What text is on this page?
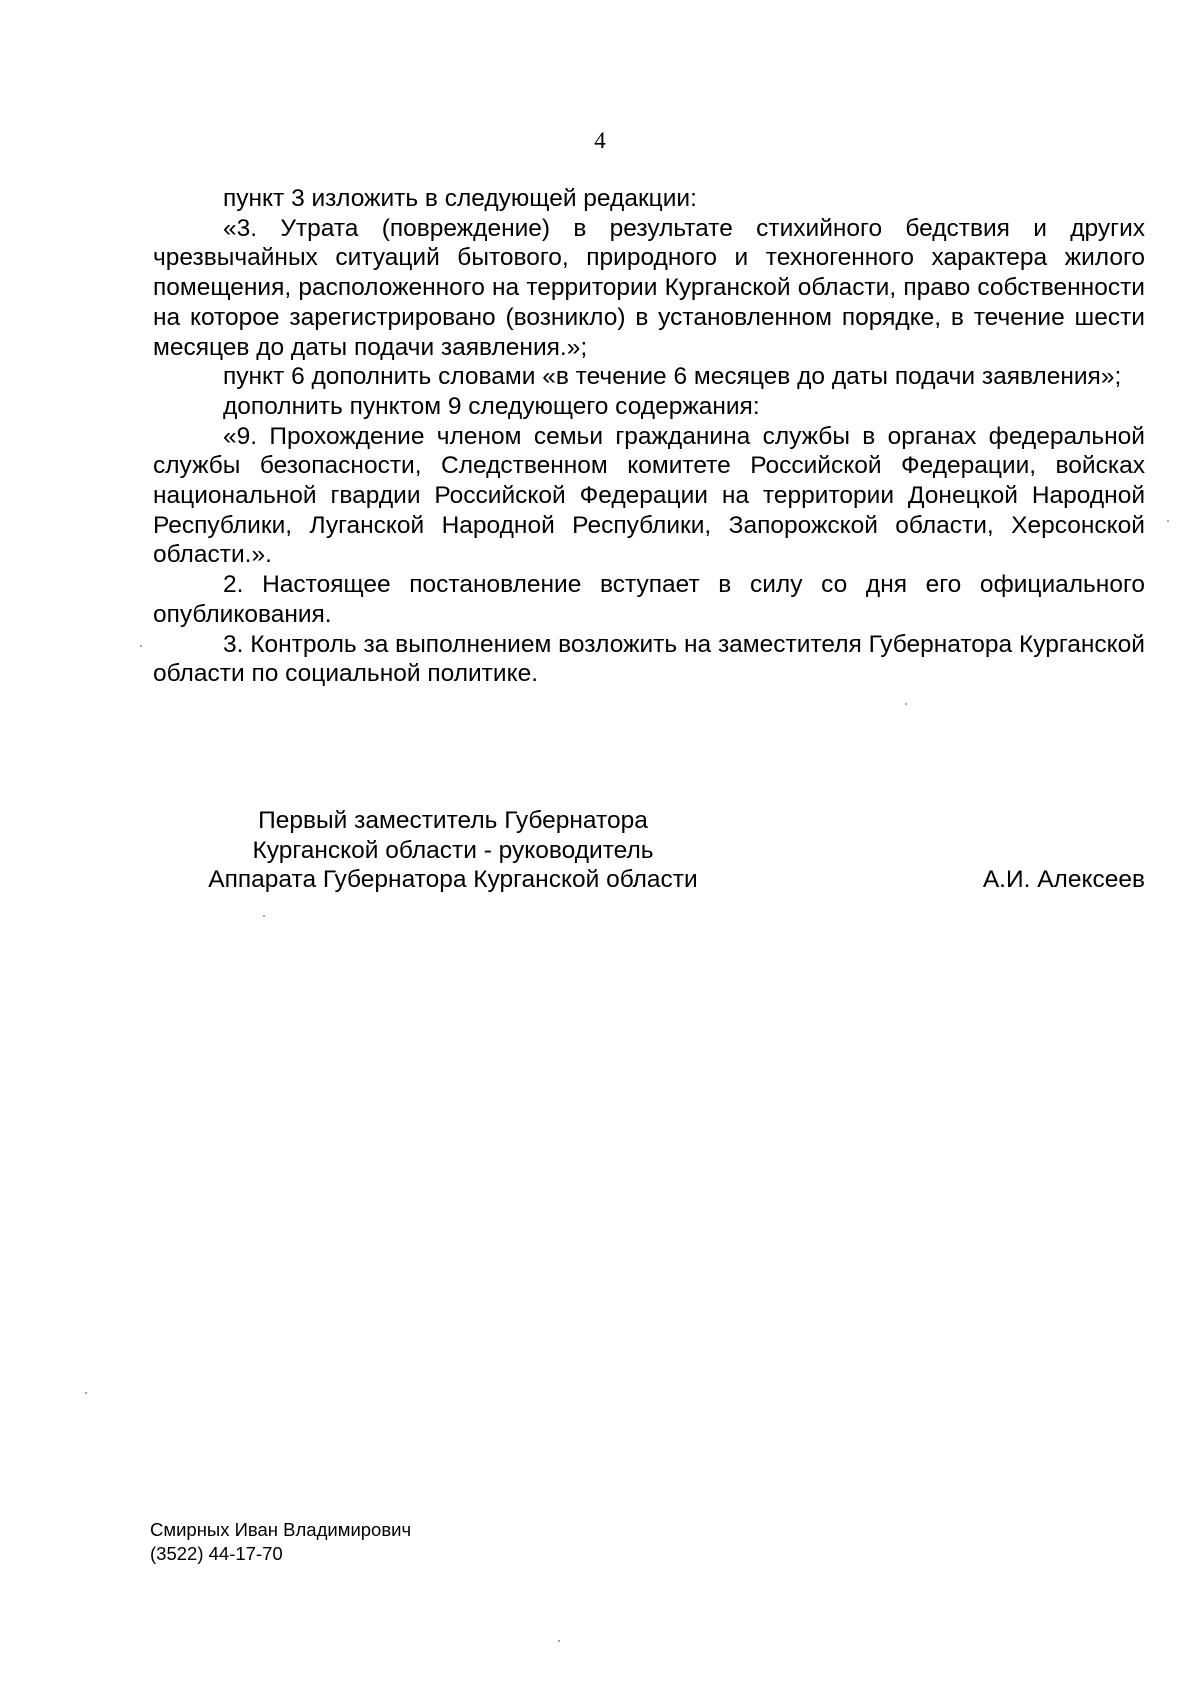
4

пункт 3 изложить в следующей редакции:

«3. Утрата (повреждение) в результате стихийного бедствия и других чрезвычайных ситуаций бытового, природного и техногенного характера жилого помещения, расположенного на территории Курганской области, право собственности на которое зарегистрировано (возникло) в установленном порядке, в течение шести месяцев до даты подачи заявления.»;

пункт 6 дополнить словами «в течение 6 месяцев до даты подачи заявления»;

дополнить пунктом 9 следующего содержания:

«9. Прохождение членом семьи гражданина службы в органах федеральной службы безопасности, Следственном комитете Российской Федерации, войсках национальной гвардии Российской Федерации на территории Донецкой Народной Республики, Луганской Народной Республики, Запорожской области, Херсонской области.».

2. Настоящее постановление вступает в силу со дня его официального опубликования.

3. Контроль за выполнением возложить на заместителя Губернатора Курганской области по социальной политике.

Первый заместитель Губернатора
Курганской области - руководитель
Аппарата Губернатора Курганской области	А.И. Алексеев
Смирных Иван Владимирович
(3522) 44-17-70
